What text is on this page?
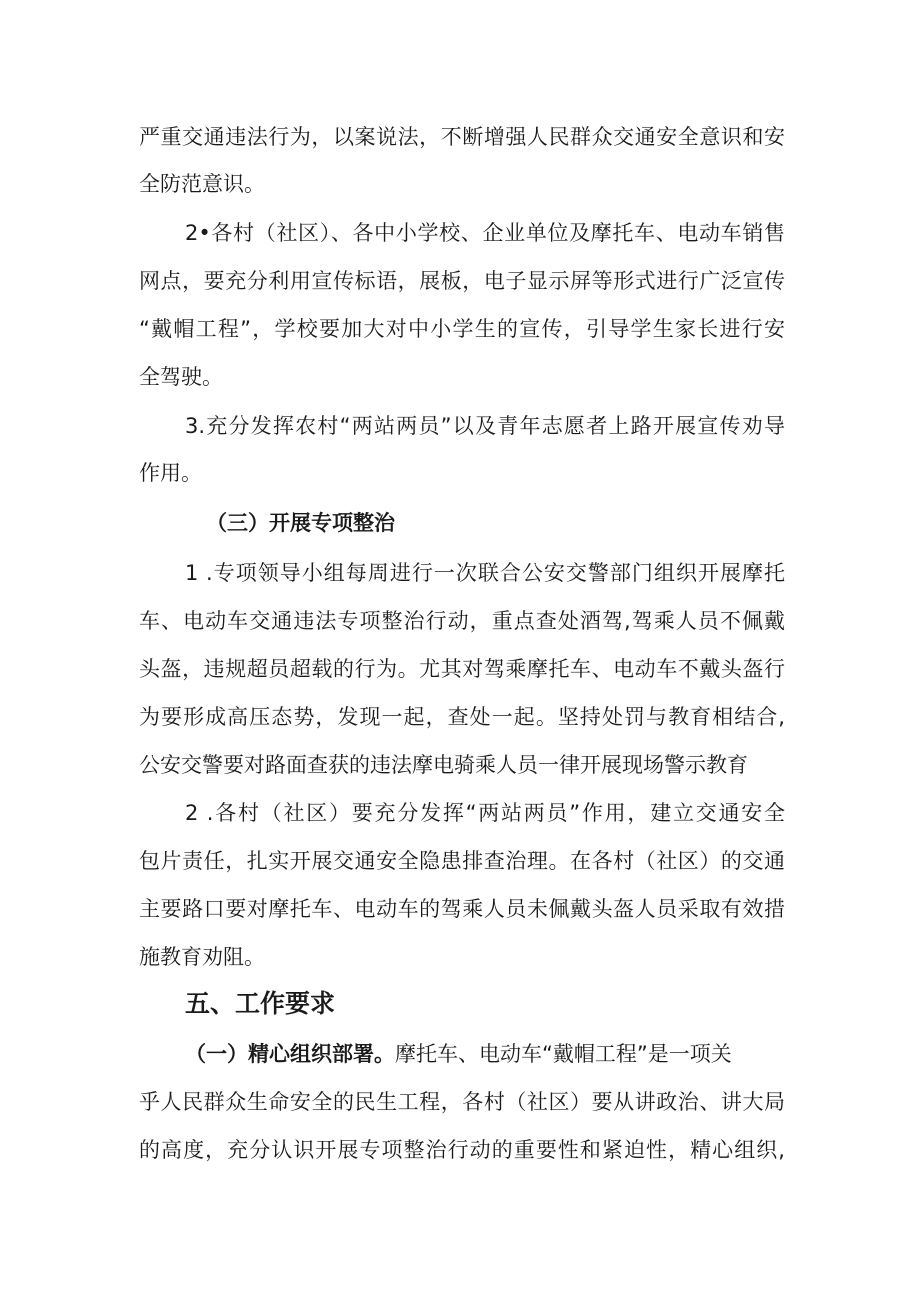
严重交通违法行为，以案说法，不断增强人民群众交通安全意识和安
全防范意识。
2•各村（社区）、各中小学校、企业单位及摩托车、电动车销售
网点，要充分利用宣传标语，展板，电子显示屏等形式进行广泛宣传
“戴帽工程”，学校要加大对中小学生的宣传，引导学生家长进行安
全驾驶。
3.充分发挥农村“两站两员”以及青年志愿者上路开展宣传劝导
作用。
（三）开展专项整治
1 .专项领导小组每周进行一次联合公安交警部门组织开展摩托
车、电动车交通违法专项整治行动，重点查处酒驾,驾乘人员不佩戴
头盔，违规超员超载的行为。尤其对驾乘摩托车、电动车不戴头盔行
为要形成高压态势，发现一起，查处一起。坚持处罚与教育相结合,
公安交警要对路面查获的违法摩电骑乘人员一律开展现场警示教育
2 .各村（社区）要充分发挥“两站两员”作用，建立交通安全
包片责任，扎实开展交通安全隐患排查治理。在各村（社区）的交通
主要路口要对摩托车、电动车的驾乘人员未佩戴头盔人员采取有效措
施教育劝阻。
五、工作要求
（一）精心组织部署。摩托车、电动车“戴帽工程”是一项关
乎人民群众生命安全的民生工程，各村（社区）要从讲政治、讲大局
的高度，充分认识开展专项整治行动的重要性和紧迫性，精心组织,
